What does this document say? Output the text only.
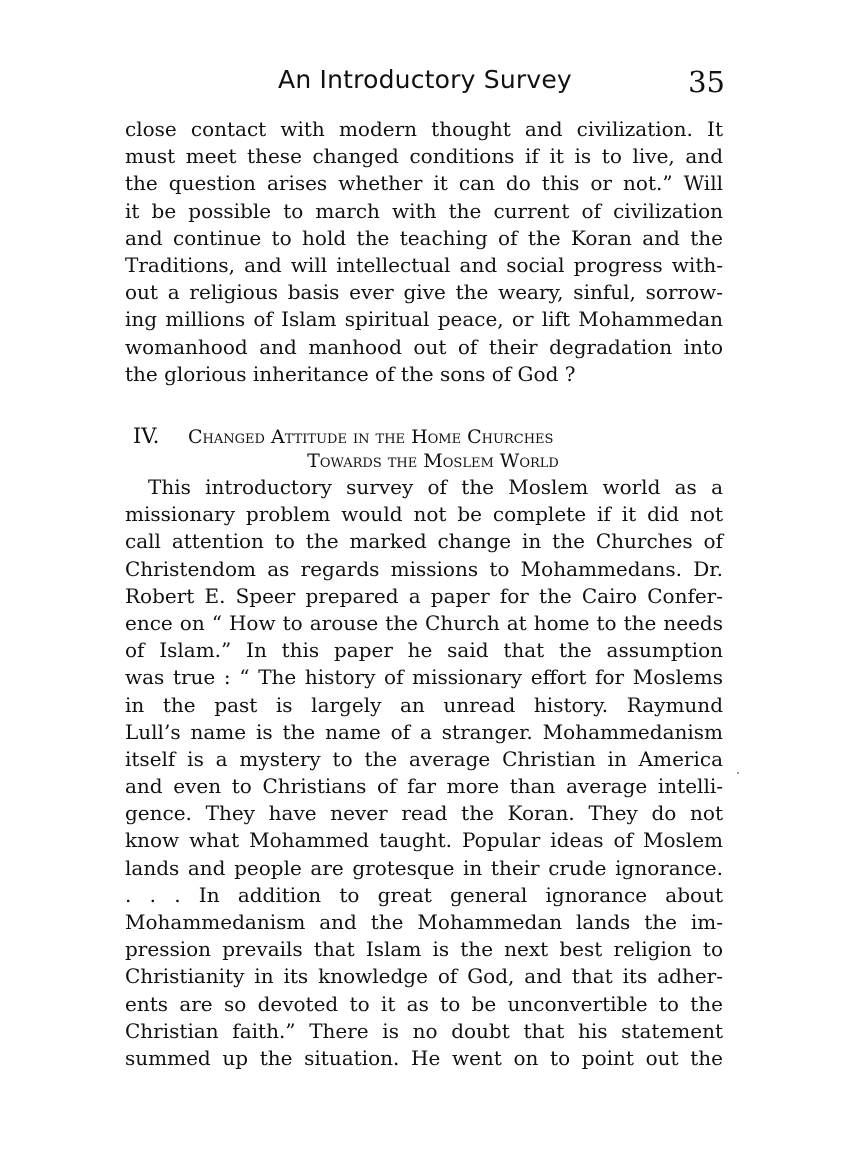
An Introductory Survey	35
close contact with modern thought and civilization. It
must meet these changed conditions if it is to live, and
the question arises whether it can do this or not.” Will
it be possible to march with the current of civilization
and continue to hold the teaching of the Koran and the
Traditions, and will intellectual and social progress with-
out a religious basis ever give the weary, sinful, sorrow-
ing millions of Islam spiritual peace, or lift Mohammedan
womanhood and manhood out of their degradation into
the glorious inheritance of the sons of God ?
IV. Changed Attitude in the Home Churches
Towards the Moslem World
This introductory survey of the Moslem world as a
missionary problem would not be complete if it did not
call attention to the marked change in the Churches of
Christendom as regards missions to Mohammedans. Dr.
Robert E. Speer prepared a paper for the Cairo Confer-
ence on “ How to arouse the Church at home to the needs
of Islam.” In this paper he said that the assumption
was true : “ The history of missionary effort for Moslems
in the past is largely an unread history. Raymund
Lull’s name is the name of a stranger. Mohammedanism
itself is a mystery to the average Christian in America
and even to Christians of far more than average intelli-
gence. They have never read the Koran. They do not
know what Mohammed taught. Popular ideas of Moslem
lands and people are grotesque in their crude ignorance.
. . . In addition to great general ignorance about
Mohammedanism and the Mohammedan lands the im-
pression prevails that Islam is the next best religion to
Christianity in its knowledge of God, and that its adher-
ents are so devoted to it as to be unconvertible to the
Christian faith.” There is no doubt that his statement
summed up the situation. He went on to point out the
